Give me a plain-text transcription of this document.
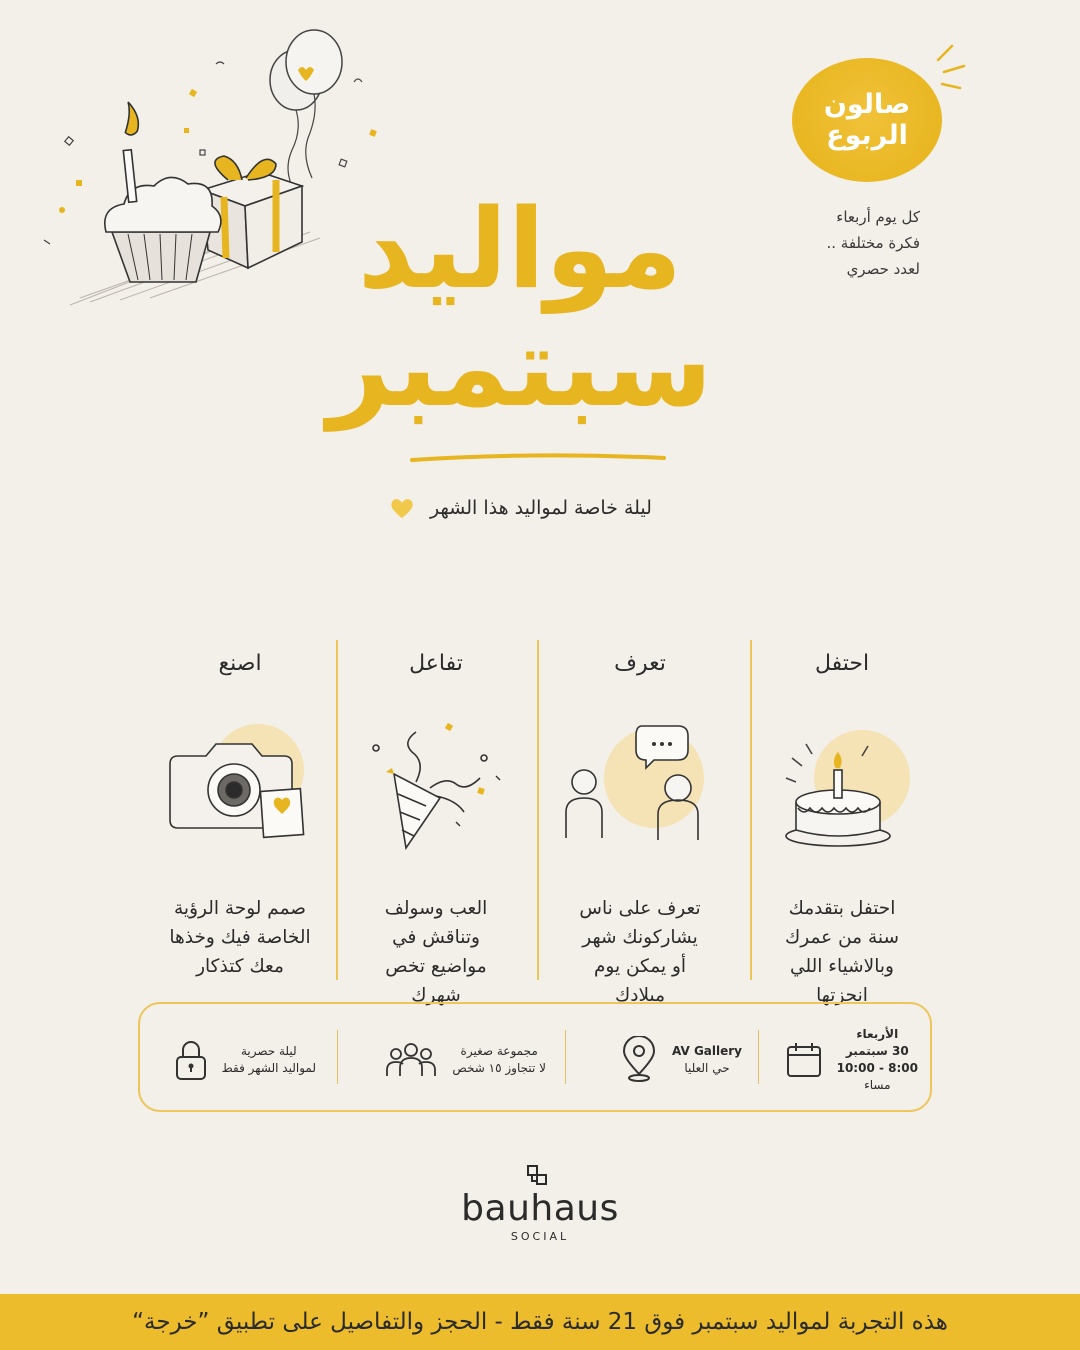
صالون
الربوع
كل يوم أربعاء
فكرة مختلفة ..
لعدد حصري
مواليد
سبتمبر
ليلة خاصة لمواليد هذا الشهر
احتفل
احتفل بتقدمك
سنة من عمرك
وبالاشياء اللي
انجزتها
تعرف
تعرف على ناس
يشاركونك شهر
أو يمكن يوم
ميلادك
تفاعل
العب وسولف
وتناقش في
مواضيع تخص
شهرك
اصنع
صمم لوحة الرؤية
الخاصة فيك وخذها
معك كتذكار
الأربعاء
30 سبتمبر
8:00 - 10:00
مساء
AV Gallery
حي العليا
مجموعة صغيرة
لا تتجاوز ١٥ شخص
ليلة حصرية
لمواليد الشهر فقط
bauhaus
SOCIAL
هذه التجربة لمواليد سبتمبر فوق 21 سنة فقط - الحجز والتفاصيل على تطبيق ”خرجة“
